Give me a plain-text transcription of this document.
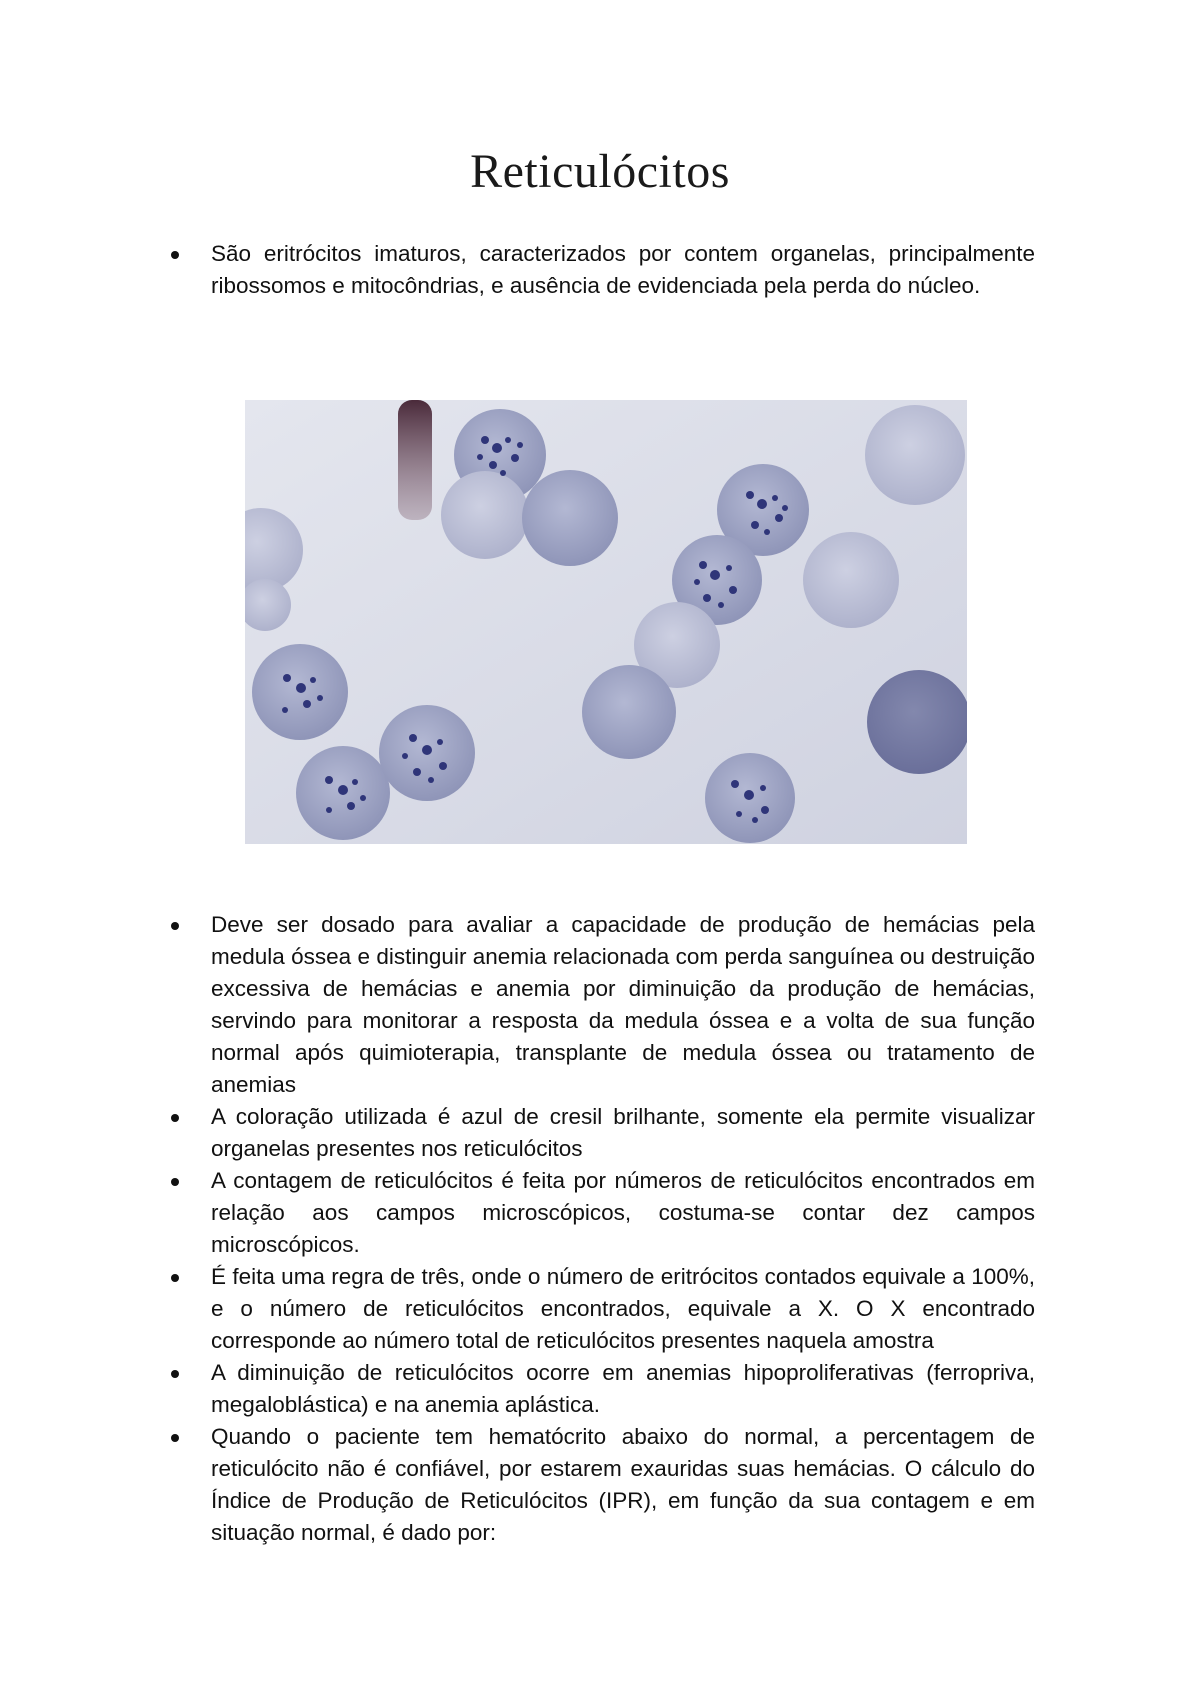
Reticulócitos
São eritrócitos imaturos, caracterizados por contem organelas, principalmente ribossomos e mitocôndrias, e ausência de evidenciada pela perda do núcleo.
Deve ser dosado para avaliar a capacidade de produção de hemácias pela medula óssea e distinguir anemia relacionada com perda sanguínea ou destruição excessiva de hemácias e anemia por diminuição da produção de hemácias, servindo para monitorar a resposta da medula óssea e a volta de sua função normal após quimioterapia, transplante de medula óssea ou tratamento de anemias
A coloração utilizada é azul de cresil brilhante, somente ela permite visualizar organelas presentes nos reticulócitos
A contagem de reticulócitos é feita por números de reticulócitos encontrados em relação aos campos microscópicos, costuma-se contar dez campos microscópicos.
É feita uma regra de três, onde o número de eritrócitos contados equivale a 100%, e o número de reticulócitos encontrados, equivale a X. O X encontrado corresponde ao número total de reticulócitos presentes naquela amostra
A diminuição de reticulócitos ocorre em anemias hipoproliferativas (ferropriva, megaloblástica) e na anemia aplástica.
Quando o paciente tem hematócrito abaixo do normal, a percentagem de reticulócito não é confiável, por estarem exauridas suas hemácias. O cálculo do Índice de Produção de Reticulócitos (IPR), em função da sua contagem e em situação normal, é dado por:
